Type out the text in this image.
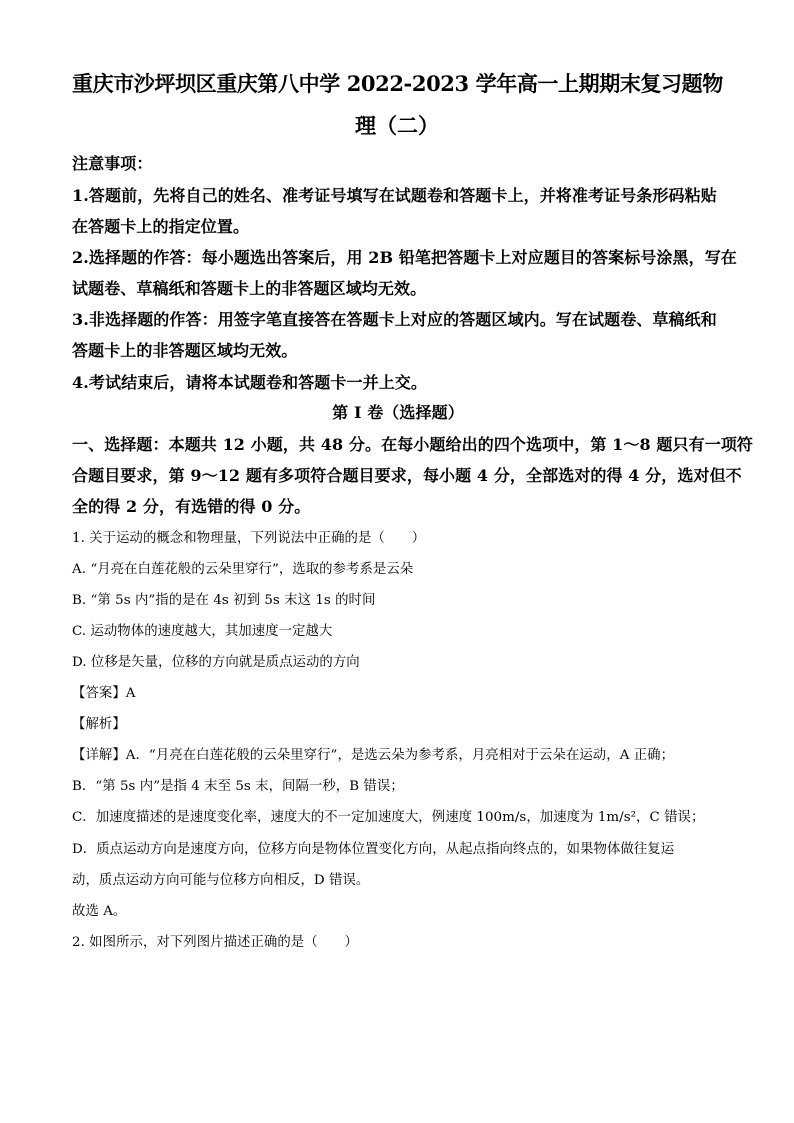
重庆市沙坪坝区重庆第八中学 2022-2023 学年高一上期期末复习题物
理（二）
注意事项：
1.答题前，先将自己的姓名、准考证号填写在试题卷和答题卡上，并将准考证号条形码粘贴
在答题卡上的指定位置。
2.选择题的作答：每小题选出答案后，用 2B 铅笔把答题卡上对应题目的答案标号涂黑，写在
试题卷、草稿纸和答题卡上的非答题区域均无效。
3.非选择题的作答：用签字笔直接答在答题卡上对应的答题区域内。写在试题卷、草稿纸和
答题卡上的非答题区域均无效。
4.考试结束后，请将本试题卷和答题卡一并上交。
第 I 卷（选择题）
一、选择题：本题共 12 小题，共 48 分。在每小题给出的四个选项中，第 1～8 题只有一项符
合题目要求，第 9～12 题有多项符合题目要求，每小题 4 分，全部选对的得 4 分，选对但不
全的得 2 分，有选错的得 0 分。
1. 关于运动的概念和物理量，下列说法中正确的是（　　）
A. “月亮在白莲花般的云朵里穿行”，选取的参考系是云朵
B. “第 5s 内”指的是在 4s 初到 5s 末这 1s 的时间
C. 运动物体的速度越大，其加速度一定越大
D. 位移是矢量，位移的方向就是质点运动的方向
【答案】A
【解析】
【详解】A．“月亮在白莲花般的云朵里穿行”，是选云朵为参考系，月亮相对于云朵在运动，A 正确；
B．“第 5s 内”是指 4 末至 5s 末，间隔一秒，B 错误；
C．加速度描述的是速度变化率，速度大的不一定加速度大，例速度 100m/s，加速度为 1m/s²，C 错误；
D．质点运动方向是速度方向，位移方向是物体位置变化方向，从起点指向终点的，如果物体做往复运
动，质点运动方向可能与位移方向相反，D 错误。
故选 A。
2. 如图所示，对下列图片描述正确的是（　　）
